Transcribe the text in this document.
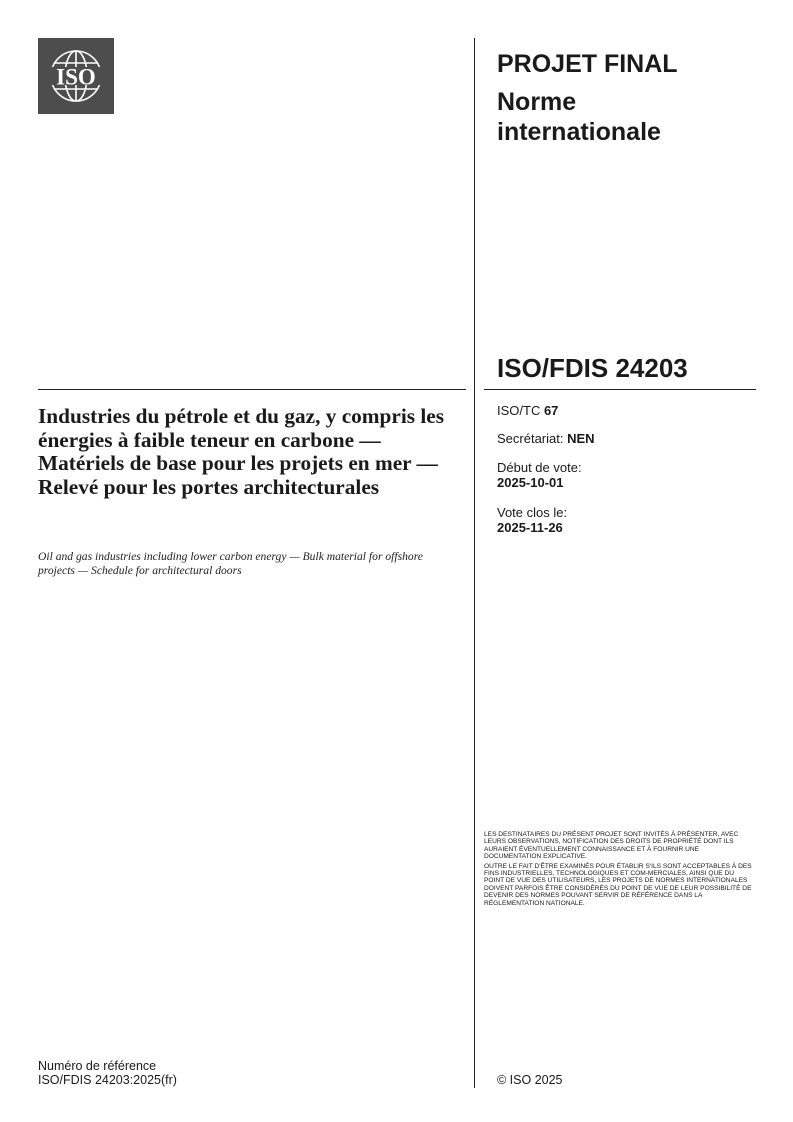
ISO	PROJET FINAL
Norme internationale
ISO/FDIS 24203
Industries du pétrole et du gaz, y compris les énergies à faible teneur en carbone — Matériels de base pour les projets en mer — Relevé pour les portes architecturales
Oil and gas industries including lower carbon energy — Bulk material for offshore projects — Schedule for architectural doors
ISO/TC 67
Secrétariat: NEN
Début de vote:
2025-10-01
Vote clos le:
2025-11-26

LES DESTINATAIRES DU PRÉSENT PROJET SONT INVITÉS À PRÉSENTER, AVEC LEURS OBSERVATIONS, NOTIFICATION DES DROITS DE PROPRIÉTÉ DONT ILS AURAIENT ÉVENTUELLEMENT CONNAISSANCE ET À FOURNIR UNE DOCUMENTATION EXPLICATIVE.

OUTRE LE FAIT D'ÊTRE EXAMINÉS POUR ÉTABLIR S'ILS SONT ACCEPTABLES À DES FINS INDUSTRIELLES, TECHNOLOGIQUES ET COM-MERCIALES, AINSI QUE DU POINT DE VUE DES UTILISATEURS, LES PROJETS DE NORMES INTERNATIONALES DOIVENT PARFOIS ÊTRE CONSIDÉRÉS DU POINT DE VUE DE LEUR POSSIBILITÉ DE DEVENIR DES NORMES POUVANT SERVIR DE RÉFÉRENCE DANS LA RÉGLEMENTATION NATIONALE.

Numéro de référence
ISO/FDIS 24203:2025(fr)	© ISO 2025
